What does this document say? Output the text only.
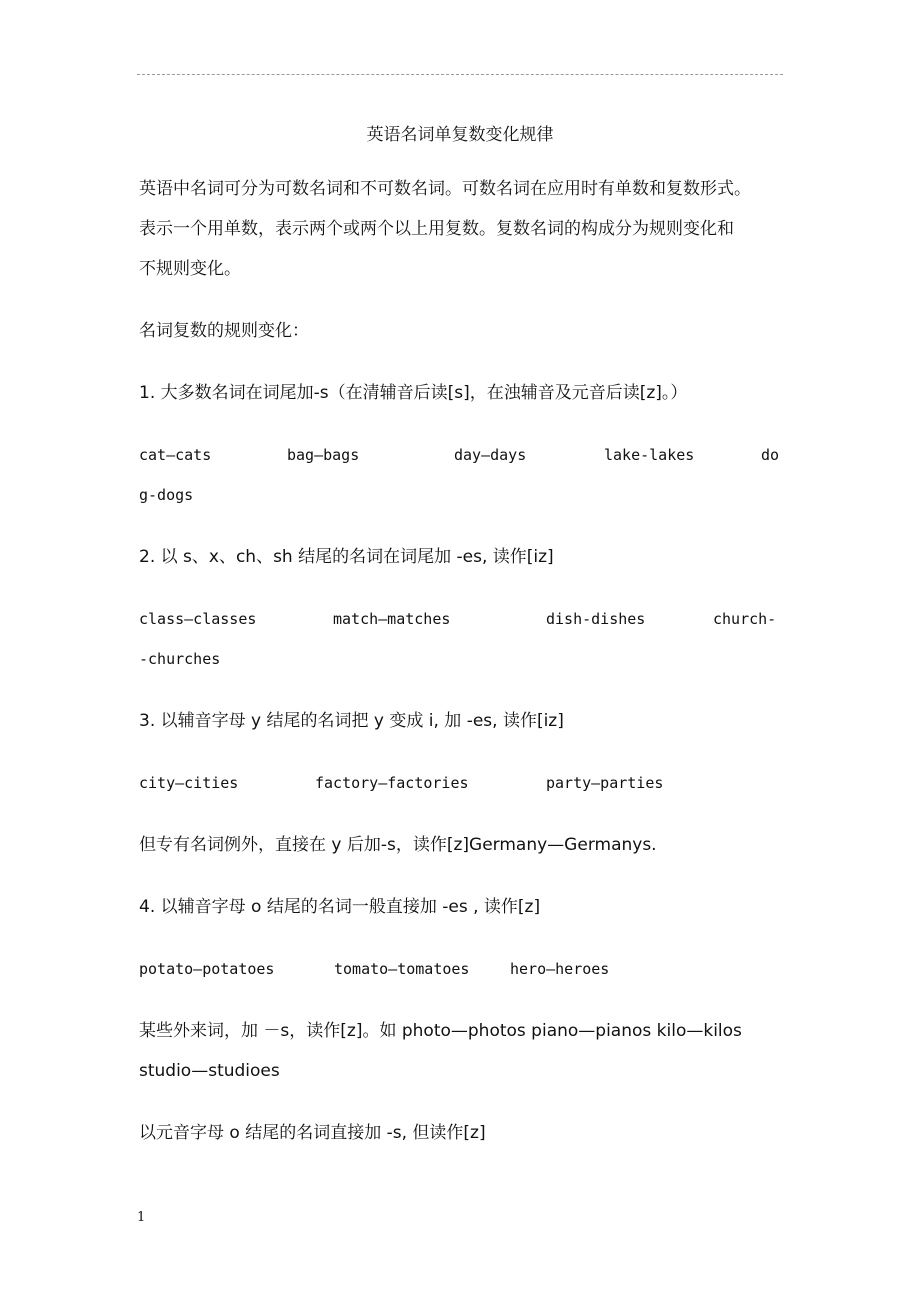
英语名词单复数变化规律
英语中名词可分为可数名词和不可数名词。可数名词在应用时有单数和复数形式。
表示一个用单数，表示两个或两个以上用复数。复数名词的构成分为规则变化和
不规则变化。
名词复数的规则变化：
1. 大多数名词在词尾加-s（在清辅音后读[s]，在浊辅音及元音后读[z]。）
cat—cats	bag—bags	day—days	lake-lakes	do
g-dogs
2. 以 s、x、ch、sh 结尾的名词在词尾加 -es, 读作[iz]
class—classes	match—matches	dish-dishes	church-
-churches
3. 以辅音字母 y 结尾的名词把 y 变成 i, 加 -es, 读作[iz]
city—cities	factory—factories	party—parties
但专有名词例外，直接在 y 后加-s，读作[z]Germany—Germanys.
4. 以辅音字母 o 结尾的名词一般直接加 -es , 读作[z]
potato—potatoes	tomato—tomatoes	hero—heroes
某些外来词，加 －s，读作[z]。如 photo—photos piano—pianos kilo—kilos
studio—studioes
以元音字母 o 结尾的名词直接加 -s, 但读作[z]
1
